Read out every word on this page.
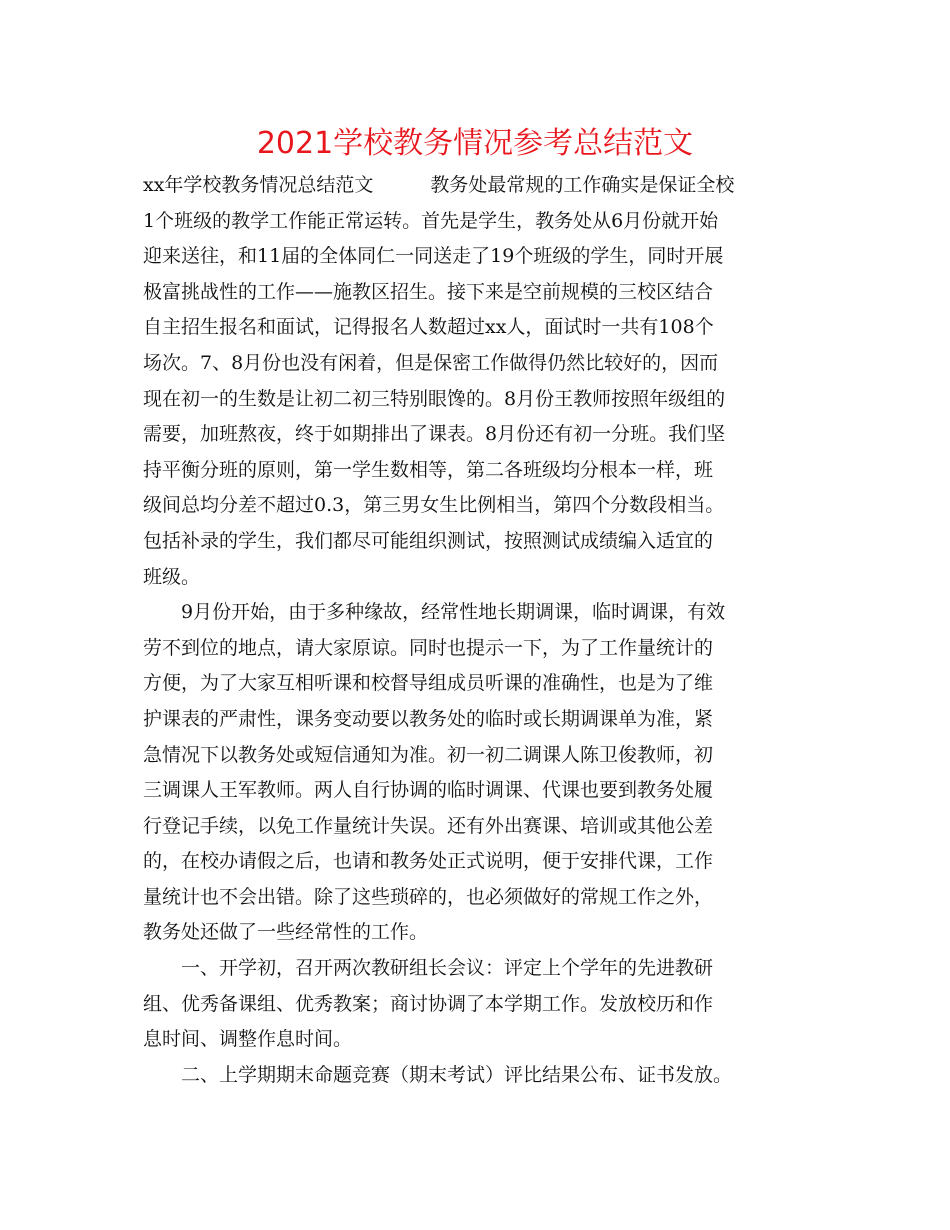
2021学校教务情况参考总结范文
xx年学校教务情况总结范文　　　教务处最常规的工作确实是保证全校
1个班级的教学工作能正常运转。首先是学生，教务处从6月份就开始
迎来送往，和11届的全体同仁一同送走了19个班级的学生，同时开展
极富挑战性的工作——施教区招生。接下来是空前规模的三校区结合
自主招生报名和面试，记得报名人数超过xx人，面试时一共有108个
场次。7、8月份也没有闲着，但是保密工作做得仍然比较好的，因而
现在初一的生数是让初二初三特别眼馋的。8月份王教师按照年级组的
需要，加班熬夜，终于如期排出了课表。8月份还有初一分班。我们坚
持平衡分班的原则，第一学生数相等，第二各班级均分根本一样，班
级间总均分差不超过0.3，第三男女生比例相当，第四个分数段相当。
包括补录的学生，我们都尽可能组织测试，按照测试成绩编入适宜的
班级。
　　9月份开始，由于多种缘故，经常性地长期调课，临时调课，有效
劳不到位的地点，请大家原谅。同时也提示一下，为了工作量统计的
方便，为了大家互相听课和校督导组成员听课的准确性，也是为了维
护课表的严肃性，课务变动要以教务处的临时或长期调课单为准，紧
急情况下以教务处或短信通知为准。初一初二调课人陈卫俊教师，初
三调课人王军教师。两人自行协调的临时调课、代课也要到教务处履
行登记手续，以免工作量统计失误。还有外出赛课、培训或其他公差
的，在校办请假之后，也请和教务处正式说明，便于安排代课，工作
量统计也不会出错。除了这些琐碎的，也必须做好的常规工作之外，
教务处还做了一些经常性的工作。
　　一、开学初，召开两次教研组长会议：评定上个学年的先进教研
组、优秀备课组、优秀教案；商讨协调了本学期工作。发放校历和作
息时间、调整作息时间。
　　二、上学期期末命题竞赛（期末考试）评比结果公布、证书发放。
